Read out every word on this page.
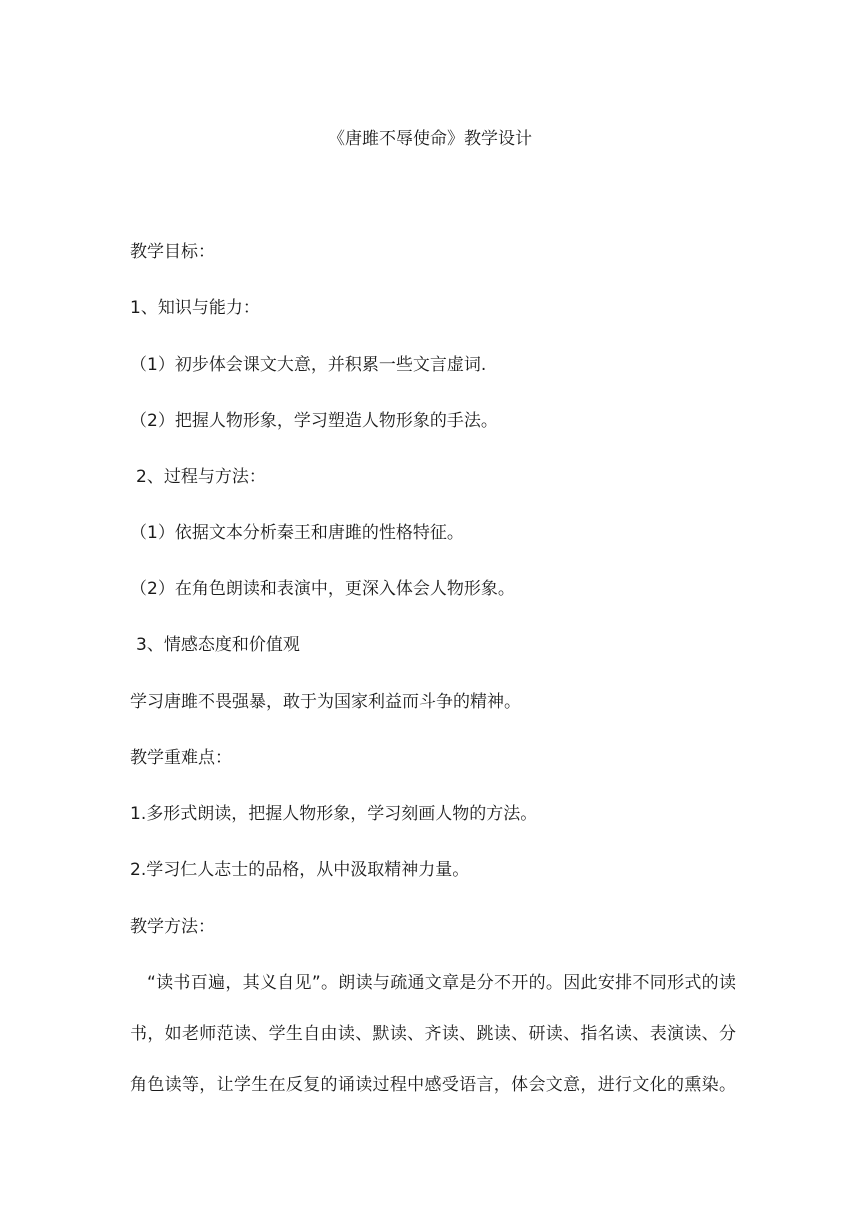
《唐雎不辱使命》教学设计
教学目标：
1、知识与能力：
（1）初步体会课文大意，并积累一些文言虚词.
（2）把握人物形象，学习塑造人物形象的手法。
2、过程与方法：
（1）依据文本分析秦王和唐雎的性格特征。
（2）在角色朗读和表演中，更深入体会人物形象。
3、情感态度和价值观
学习唐雎不畏强暴，敢于为国家利益而斗争的精神。
教学重难点：
1.多形式朗读，把握人物形象，学习刻画人物的方法。
2.学习仁人志士的品格，从中汲取精神力量。
教学方法：
“读书百遍，其义自见”。朗读与疏通文章是分不开的。因此安排不同形式的读
书，如老师范读、学生自由读、默读、齐读、跳读、研读、指名读、表演读、分
角色读等，让学生在反复的诵读过程中感受语言，体会文意，进行文化的熏染。
